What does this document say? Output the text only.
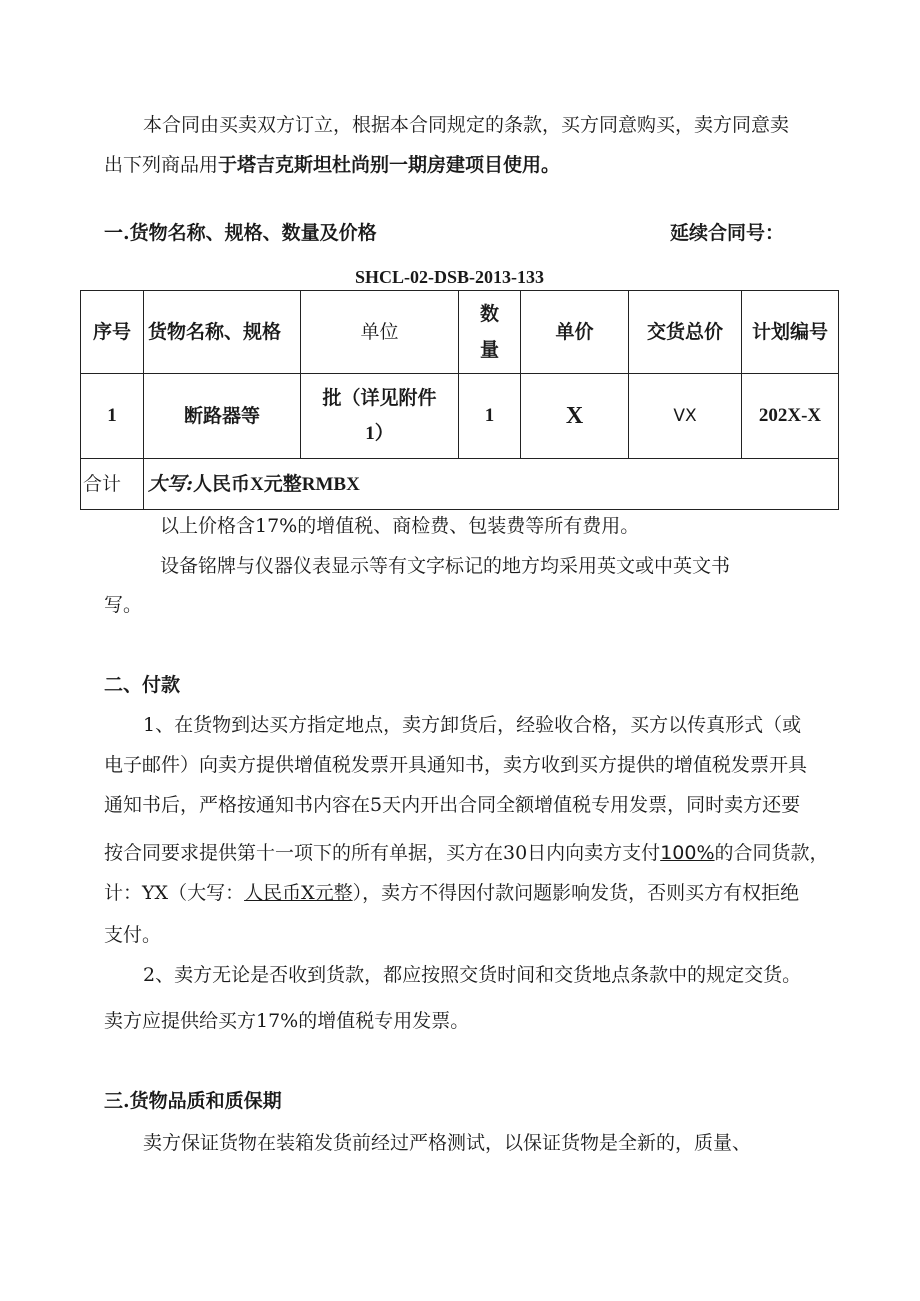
本合同由买卖双方订立，根据本合同规定的条款，买方同意购买，卖方同意卖
出下列商品用于塔吉克斯坦杜尚别一期房建项目使用。
一.货物名称、规格、数量及价格	延续合同号：
SHCL-02-DSB-2013-133
序号	货物名称、规格	单位	数
量	单价	交货总价	计划编号
1	断路器等	批（详见附件
1）	1	X	VX	202X-X
合计	大写:人民币X元整RMBX					
以上价格含17%的增值税、商检费、包装费等所有费用。
设备铭牌与仪器仪表显示等有文字标记的地方均采用英文或中英文书
写。
二、付款
1、在货物到达买方指定地点，卖方卸货后，经验收合格，买方以传真形式（或
电子邮件）向卖方提供增值税发票开具通知书，卖方收到买方提供的增值税发票开具
通知书后，严格按通知书内容在5天内开出合同全额增值税专用发票，同时卖方还要
按合同要求提供第十一项下的所有单据，买方在30日内向卖方支付100%的合同货款，
计：YX（大写：人民币X元整），卖方不得因付款问题影响发货，否则买方有权拒绝
支付。
2、卖方无论是否收到货款，都应按照交货时间和交货地点条款中的规定交货。
卖方应提供给买方17%的增值税专用发票。
三.货物品质和质保期
卖方保证货物在装箱发货前经过严格测试，以保证货物是全新的，质量、
